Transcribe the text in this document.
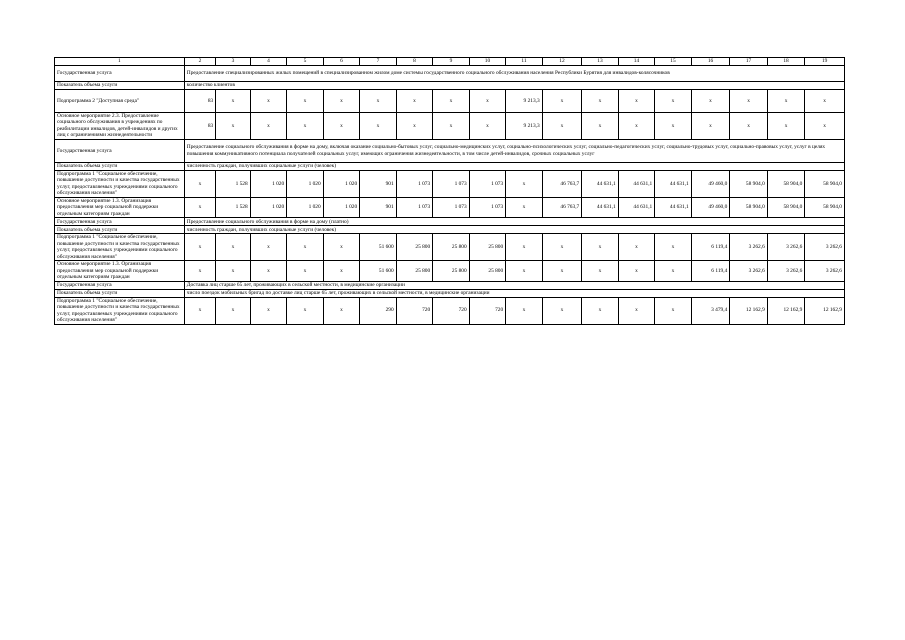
1	2	3	4	5	6	7	8	9	10	11	12	13	14	15	16	17	18	19
Государственная услуга	Предоставление специализированных жилых помещений в специализированном жилом доме системы государственного социального обслуживания населения Республики Бурятия для инвалидов-колясочников																	
Показатель объема услуги	количество клиентов																	
Подпрограмма 2 "Доступная среда"	83	х	х	х	х	х	х	х	х	9 213,3	х	х	х	х	х	х	х	х
Основное мероприятие 2.3. Предоставление социального обслуживания в учреждениях по реабилитации инвалидов, детей-инвалидов и других лиц с ограничениями жизнедеятельности	83	х	х	х	х	х	х	х	х	9 213,3	х	х	х	х	х	х	х	х
Государственная услуга	Предоставление социального обслуживания в форме на дому, включая оказание социально-бытовых услуг, социально-медицинских услуг, социально-психологических услуг, социально-педагогических услуг, социально-трудовых услуг, социально-правовых услуг, услуг в целях повышения коммуникативного потенциала получателей социальных услуг, имеющих ограничения жизнедеятельности, в том числе детей-инвалидов, срочных социальных услуг																	
Показатель объема услуги	численность граждан, получивших социальные услуги (человек)																	
Подпрограмма 1 "Социальное обеспечение, повышение доступности и качества государственных услуг, предоставляемых учреждениями социального обслуживания населения"	х	1 528	1 020	1 020	1 020	901	1 073	1 073	1 073	х	46 763,7	44 631,1	44 631,1	44 631,1	49 460,0	58 904,0	58 904,0	58 904,0
Основное мероприятие 1.3. Организация предоставления мер социальной поддержки отдельным категориям граждан	х	1 528	1 020	1 020	1 020	901	1 073	1 073	1 073	х	46 763,7	44 631,1	44 631,1	44 631,1	49 460,0	58 904,0	58 904,0	58 904,0
Государственная услуга	Предоставление социального обслуживания в форме на дому (платно)																	
Показатель объема услуги	численность граждан, получивших социальные услуги (человек)																	
Подпрограмма 1 "Социальное обеспечение, повышение доступности и качества государственных услуг, предоставляемых учреждениями социального обслуживания населения"	х	х	х	х	х	51 600	25 800	25 800	25 800	х	х	х	х	х	6 119,4	3 262,6	3 262,6	3 262,6
Основное мероприятие 1.3. Организация предоставления мер социальной поддержки отдельным категориям граждан	х	х	х	х	х	51 600	25 800	25 800	25 800	х	х	х	х	х	6 119,4	3 262,6	3 262,6	3 262,6
Государственная услуга	Доставка лиц старше 65 лет, проживающих в сельской местности, в медицинские организации																	
Показатель объема услуги	число поездок мобильных бригад по доставке лиц старше 65 лет, проживающих в сельской местности, в медицинские организации																	
Подпрограмма 1 "Социальное обеспечение, повышение доступности и качества государственных услуг, предоставляемых учреждениями социального обслуживания населения"	х	х	х	х	х	290	720	720	720	х	х	х	х	х	3 479,4	12 162,9	12 162,9	12 162,9
